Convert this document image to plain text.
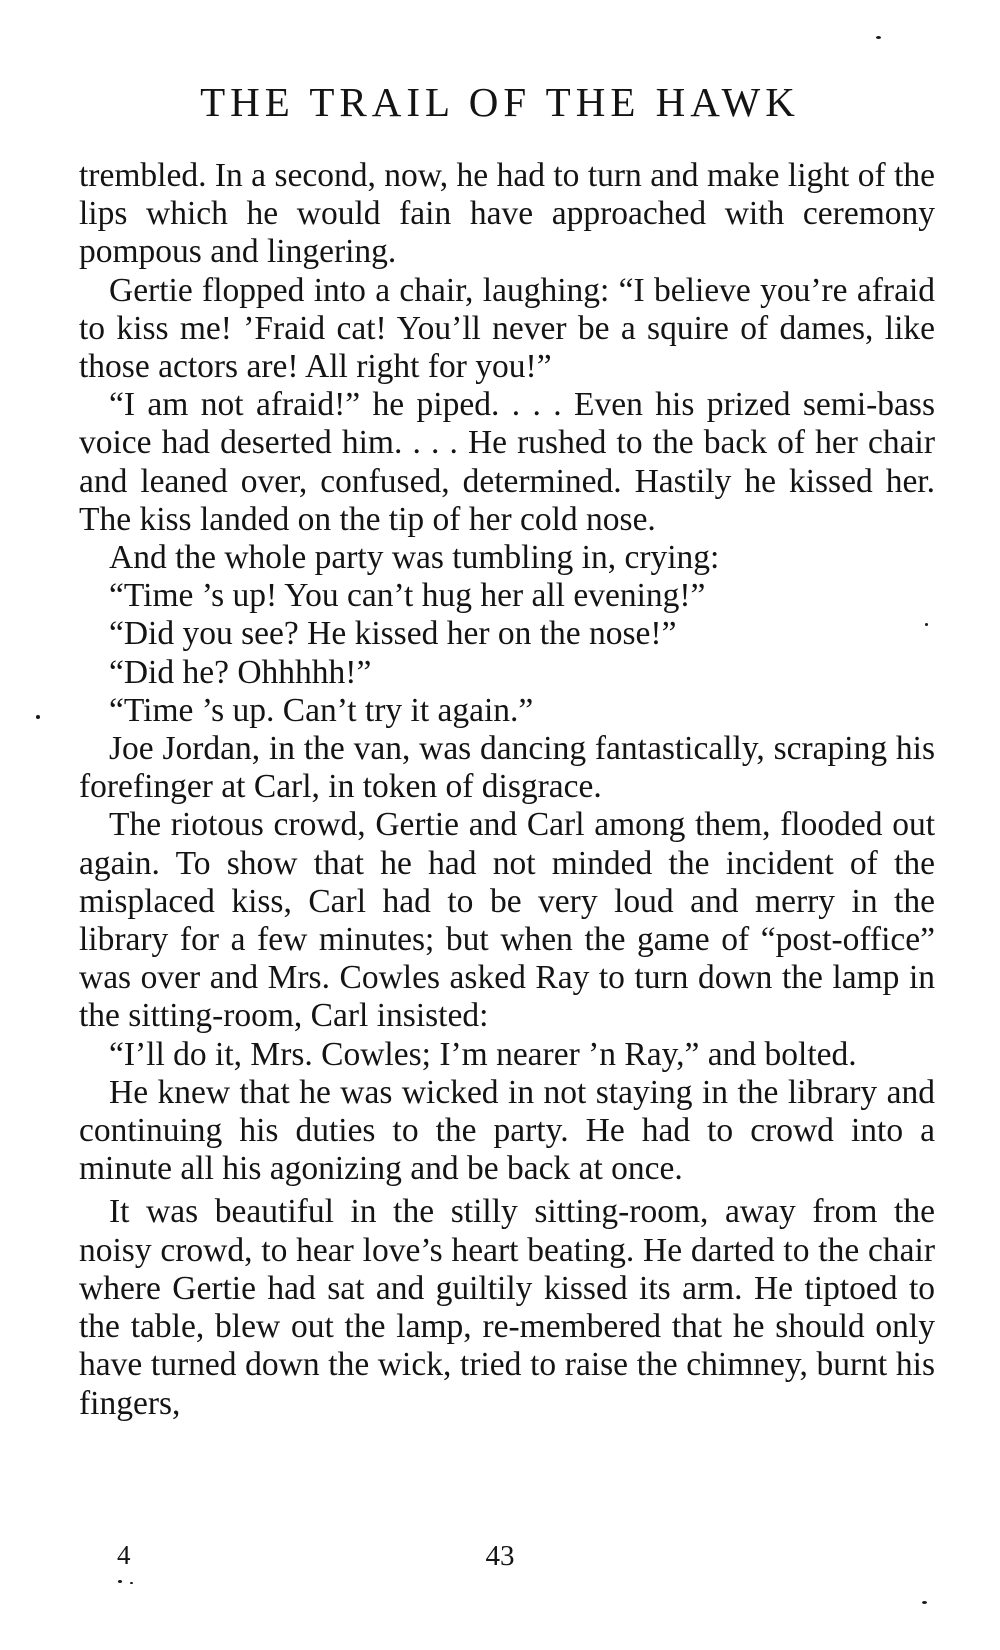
THE TRAIL OF THE HAWK

trembled. In a second, now, he had to turn and make light of the lips which he would fain have approached with ceremony pompous and lingering.

Gertie flopped into a chair, laughing: “I believe you’re afraid to kiss me! ’Fraid cat! You’ll never be a squire of dames, like those actors are! All right for you!”

“I am not afraid!” he piped. . . . Even his prized semi-bass voice had deserted him. . . . He rushed to the back of her chair and leaned over, confused, determined. Hastily he kissed her. The kiss landed on the tip of her cold nose.

And the whole party was tumbling in, crying:

“Time ’s up! You can’t hug her all evening!”

“Did you see? He kissed her on the nose!”

“Did he? Ohhhhh!”

“Time ’s up. Can’t try it again.”

Joe Jordan, in the van, was dancing fantastically, scraping his forefinger at Carl, in token of disgrace.

The riotous crowd, Gertie and Carl among them, flooded out again. To show that he had not minded the incident of the misplaced kiss, Carl had to be very loud and merry in the library for a few minutes; but when the game of “post-office” was over and Mrs. Cowles asked Ray to turn down the lamp in the sitting-room, Carl insisted:

“I’ll do it, Mrs. Cowles; I’m nearer ’n Ray,” and bolted.

He knew that he was wicked in not staying in the library and continuing his duties to the party. He had to crowd into a minute all his agonizing and be back at once.

It was beautiful in the stilly sitting-room, away from the noisy crowd, to hear love’s heart beating. He darted to the chair where Gertie had sat and guiltily kissed its arm. He tiptoed to the table, blew out the lamp, re-membered that he should only have turned down the wick, tried to raise the chimney, burnt his fingers,

4	43
